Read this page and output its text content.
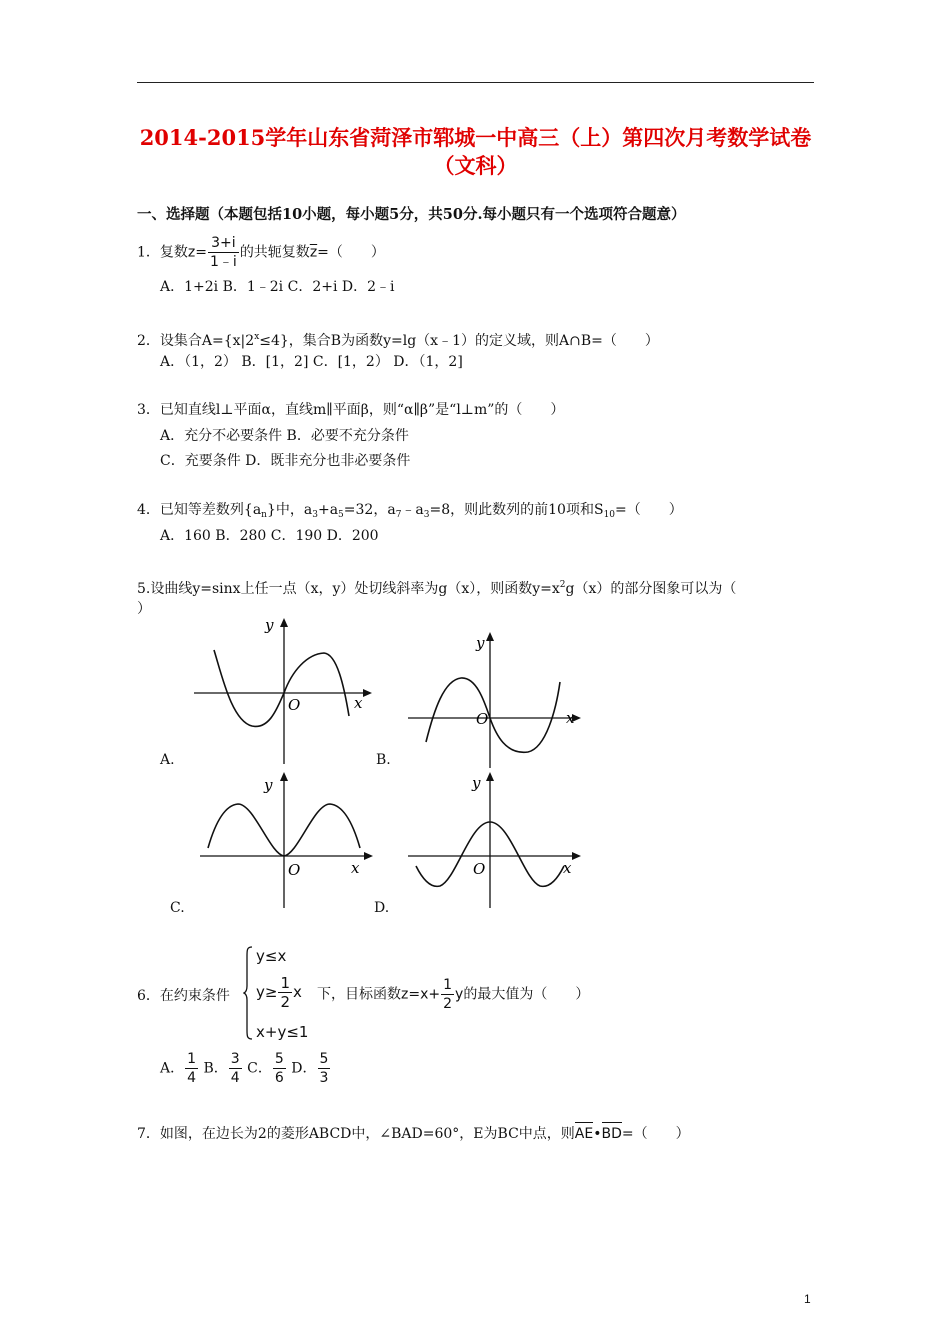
2014-2015学年山东省菏泽市郓城一中高三（上）第四次月考数学试卷
（文科）
一、选择题（本题包括10小题，每小题5分，共50分.每小题只有一个选项符合题意）
1．复数$z= \frac{3+i}{1﹣i}$ 的共轭复数$\overline{z}=$（　　）
A．1+2i B．1﹣2i C．2+i D．2﹣i
2．设集合$A=\{x|2^x\le 4\}$，集合B为函数y=lg（x﹣1）的定义域，则A∩B=（　　）
A．（1，2） B．[1，2] C．[1，2） D．（1，2]
3．已知直线l⊥平面α，直线m∥平面β，则“α∥β”是“l⊥m”的（　　）
A．充分不必要条件 B．必要不充分条件
C．充要条件 D．既非充分也非必要条件
4．已知等差数列$\{a_n\}$中，$a_3+a_5=32$，$a_7﹣a_3=8$，则此数列的前10项和$S_{10}=$（　　）
A．160 B．280 C．190 D．200
5.设曲线y=sinx上任一点（x，y）处切线斜率为g（x），则函数$y=x^2g(x)$的部分图象可以为（
）
y
x
O
A.
y
x
O
B.
y
x
O
C.
y
x
O
D.
y≤x
$y\ge \frac{1}{2}$ x
x+y≤1
6．在约束条件	下，目标函数$z=x+ \frac{1}{2}$ y的最大值为（　　）
A． $\frac{1}{4}$ B． $\frac{3}{4}$ C． $\frac{5}{6}$ D． $\frac{5}{3}$
7．如图，在边长为2的菱形ABCD中，∠BAD=60°，E为BC中点，则AE•BD=（　　）
1
